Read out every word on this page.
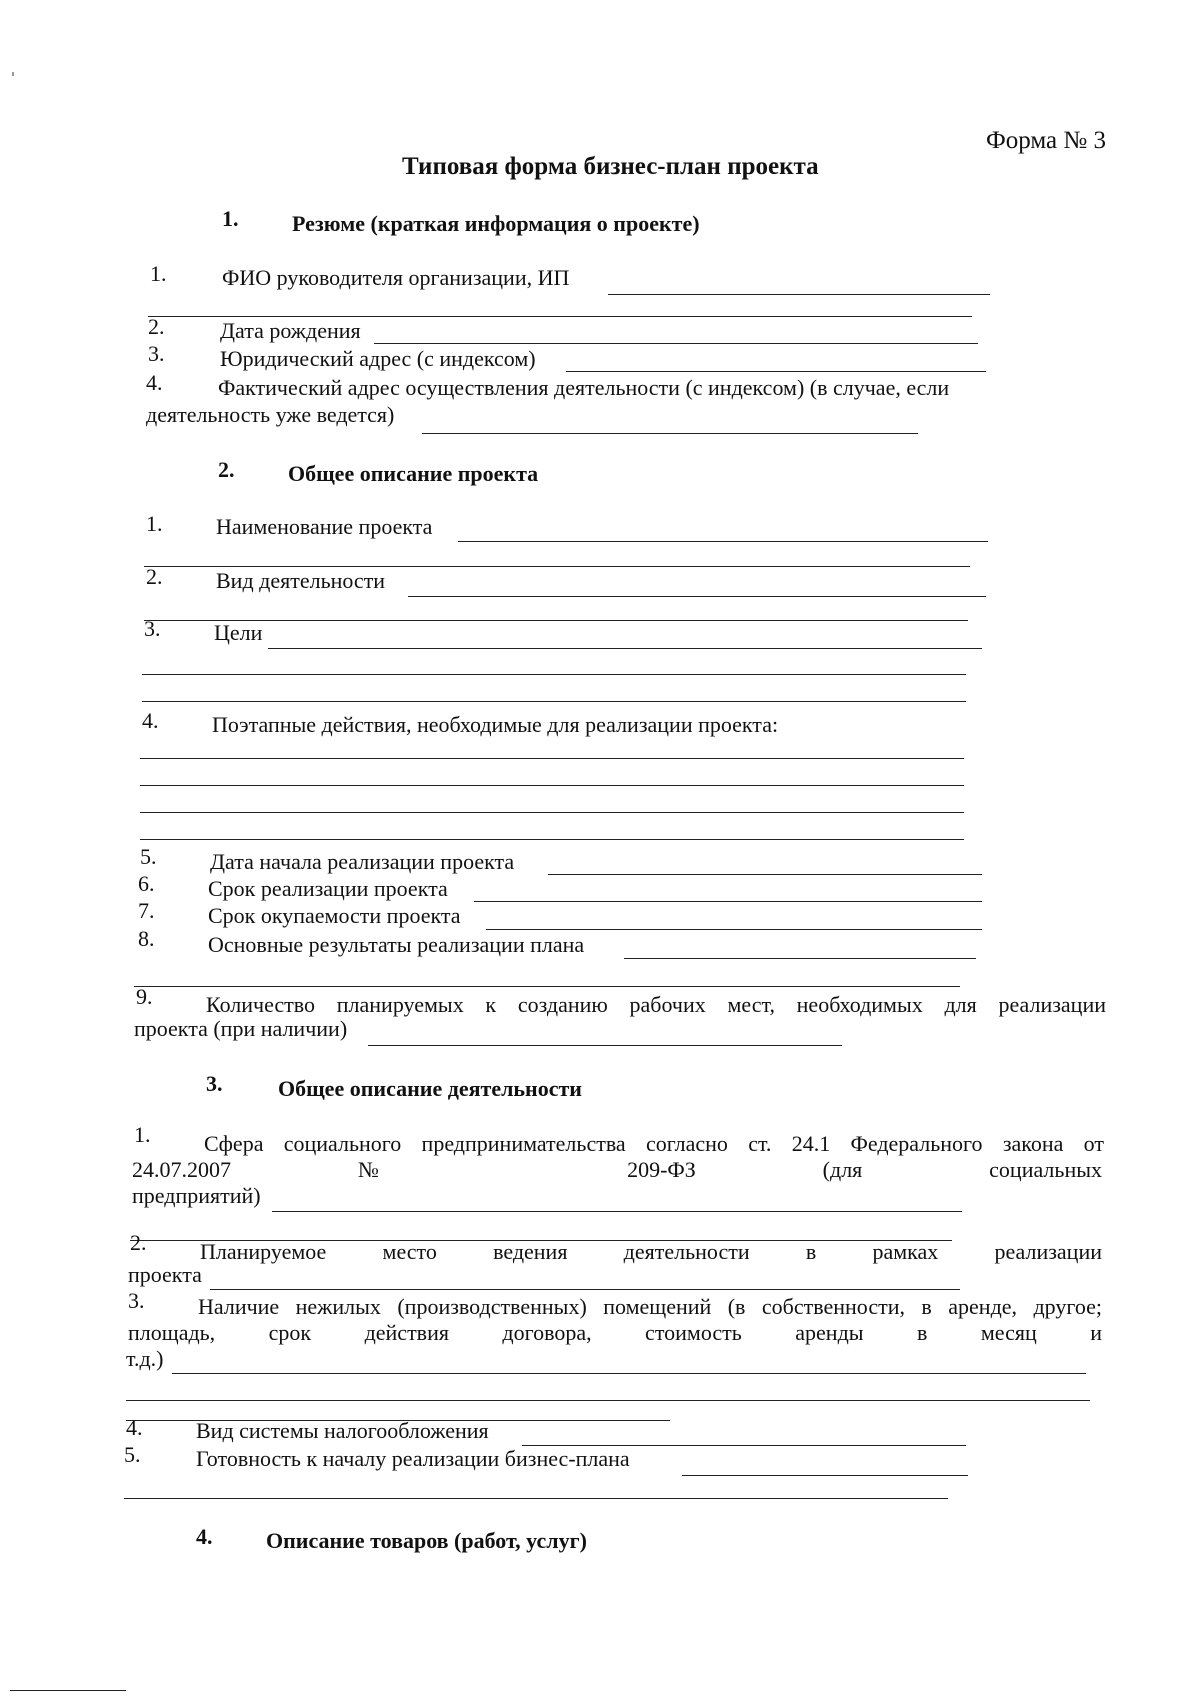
Форма № 3
Типовая форма бизнес-план проекта
1. Резюме (краткая информация о проекте)
1.	ФИО руководителя организации, ИП
2.	Дата рождения
3.	Юридический адрес (с индексом)
4.	Фактический адрес осуществления деятельности (с индексом) (в случае, если
деятельность уже ведется)
2. Общее описание проекта
1. Наименование проекта
2. Вид деятельности
3. Цели
4. Поэтапные действия, необходимые для реализации проекта:
5. Дата начала реализации проекта
6. Срок реализации проекта
7. Срок окупаемости проекта
8. Основные результаты реализации плана
9. Количество планируемых к созданию рабочих мест, необходимых для реализации
проекта (при наличии)
3.	Общее описание деятельности
1. Сфера социального предпринимательства согласно ст. 24.1 Федерального закона от
24.07.2007 № 209-ФЗ (для социальных
предприятий)
2. Планируемое место ведения деятельности в рамках реализации
проекта
3. Наличие нежилых (производственных) помещений (в собственности, в аренде, другое;
площадь, срок действия договора, стоимость аренды в месяц и
т.д.)
4. Вид системы налогообложения
5.	Готовность к началу реализации бизнес-плана
4. Описание товаров (работ, услуг)
